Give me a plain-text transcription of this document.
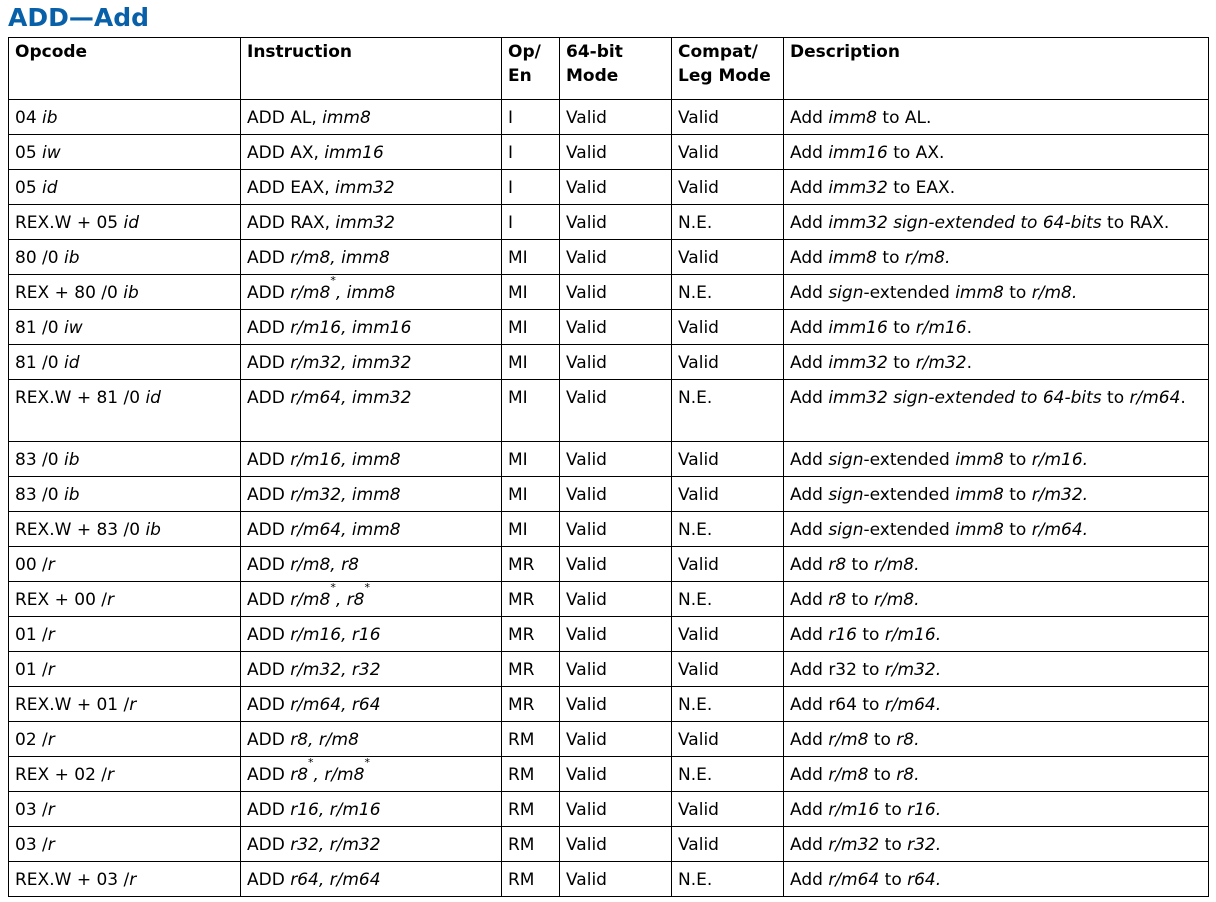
ADD—Add
Opcode	Instruction	Op/ En	64-bit Mode	Compat/ Leg Mode	Description
04 ib	ADD AL, imm8	I	Valid	Valid	Add imm8 to AL.
05 iw	ADD AX, imm16	I	Valid	Valid	Add imm16 to AX.
05 id	ADD EAX, imm32	I	Valid	Valid	Add imm32 to EAX.
REX.W + 05 id	ADD RAX, imm32	I	Valid	N.E.	Add imm32 sign-extended to 64-bits to RAX.
80 /0 ib	ADD r/m8, imm8	MI	Valid	Valid	Add imm8 to r/m8.
REX + 80 /0 ib	ADD r/m8*, imm8	MI	Valid	N.E.	Add sign-extended imm8 to r/m8.
81 /0 iw	ADD r/m16, imm16	MI	Valid	Valid	Add imm16 to r/m16.
81 /0 id	ADD r/m32, imm32	MI	Valid	Valid	Add imm32 to r/m32.
REX.W + 81 /0 id	ADD r/m64, imm32	MI	Valid	N.E.	Add imm32 sign-extended to 64-bits to r/m64.
83 /0 ib	ADD r/m16, imm8	MI	Valid	Valid	Add sign-extended imm8 to r/m16.
83 /0 ib	ADD r/m32, imm8	MI	Valid	Valid	Add sign-extended imm8 to r/m32.
REX.W + 83 /0 ib	ADD r/m64, imm8	MI	Valid	N.E.	Add sign-extended imm8 to r/m64.
00 /r	ADD r/m8, r8	MR	Valid	Valid	Add r8 to r/m8.
REX + 00 /r	ADD r/m8*, r8*	MR	Valid	N.E.	Add r8 to r/m8.
01 /r	ADD r/m16, r16	MR	Valid	Valid	Add r16 to r/m16.
01 /r	ADD r/m32, r32	MR	Valid	Valid	Add r32 to r/m32.
REX.W + 01 /r	ADD r/m64, r64	MR	Valid	N.E.	Add r64 to r/m64.
02 /r	ADD r8, r/m8	RM	Valid	Valid	Add r/m8 to r8.
REX + 02 /r	ADD r8*, r/m8*	RM	Valid	N.E.	Add r/m8 to r8.
03 /r	ADD r16, r/m16	RM	Valid	Valid	Add r/m16 to r16.
03 /r	ADD r32, r/m32	RM	Valid	Valid	Add r/m32 to r32.
REX.W + 03 /r	ADD r64, r/m64	RM	Valid	N.E.	Add r/m64 to r64.
